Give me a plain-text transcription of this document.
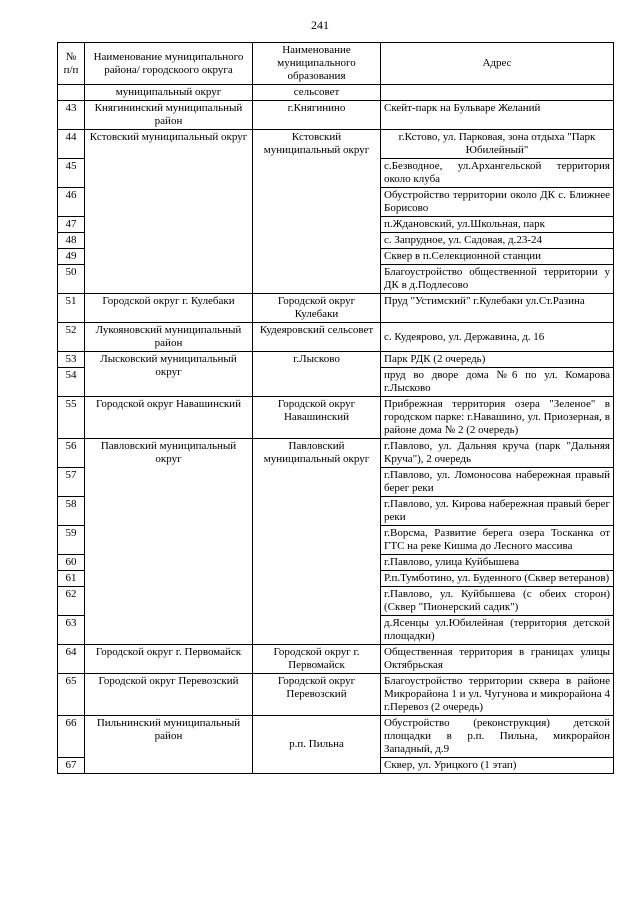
241
№ п/п	Наименование муниципального района/ городскоого округа	Наименование муниципального образования	Адрес
	муниципальный округ	сельсовет	
43	Княгининский муниципальный район	г.Княгинино	Скейт-парк на Бульваре Желаний
44	Кстовский муниципальный округ	Кстовский муниципальный округ	г.Кстово, ул. Парковая, зона отдыха "Парк Юбилейный"
45			с.Безводное, ул.Архангельской территория около клуба
46			Обустройство территории около ДК с. Ближнее Борисово
47			п.Ждановский, ул.Школьная, парк
48			с. Запрудное, ул. Садовая, д.23-24
49			Сквер в п.Селекционной станции
50			Благоустройство общественной территории у ДК в д.Подлесово
51	Городской округ г. Кулебаки	Городской округ Кулебаки	Пруд "Устимский" г.Кулебаки ул.Ст.Разина
52	Лукояновский муниципальный район	Кудеяровский сельсовет	с. Кудеярово, ул. Державина, д. 16
53	Лысковский муниципальный округ	г.Лысково	Парк РДК (2 очередь)
54			пруд во дворе дома №6 по ул. Комарова г.Лысково
55	Городской округ Навашинский	Городской округ Навашинский	Прибрежная территория озера "Зеленое" в городском парке: г.Навашино, ул. Приозерная, в районе дома № 2 (2 очередь)
56	Павловский муниципальный округ	Павловский муниципальный округ	г.Павлово, ул. Дальняя круча (парк "Дальняя Круча"), 2 очередь
57			г.Павлово, ул. Ломоносова набережная правый берег реки
58			г.Павлово, ул. Кирова набережная правый берег реки
59			г.Ворсма, Развитие берега озера Тосканка от ГТС на реке Кишма до Лесного массива
60			г.Павлово, улица Куйбышева
61			Р.п.Тумботино, ул. Буденного (Сквер ветеранов)
62			г.Павлово, ул. Куйбышева (с обеих сторон) (Сквер "Пионерский садик")
63			д.Ясенцы ул.Юбилейная (территория детской площадки)
64	Городской округ г. Первомайск	Городской округ г. Первомайск	Общественная территория в границах улицы Октябрьская
65	Городской округ Перевозский	Городской округ Перевозский	Благоустройство территории сквера в районе Микрорайона 1 и ул. Чугунова и микрорайона 4 г.Перевоз (2 очередь)
66	Пильнинский муниципальный район	р.п. Пильна	Обустройство (реконструкция) детской площадки в р.п. Пильна, микрорайон Западный, д.9
67			Сквер, ул. Урицкого (1 этап)
